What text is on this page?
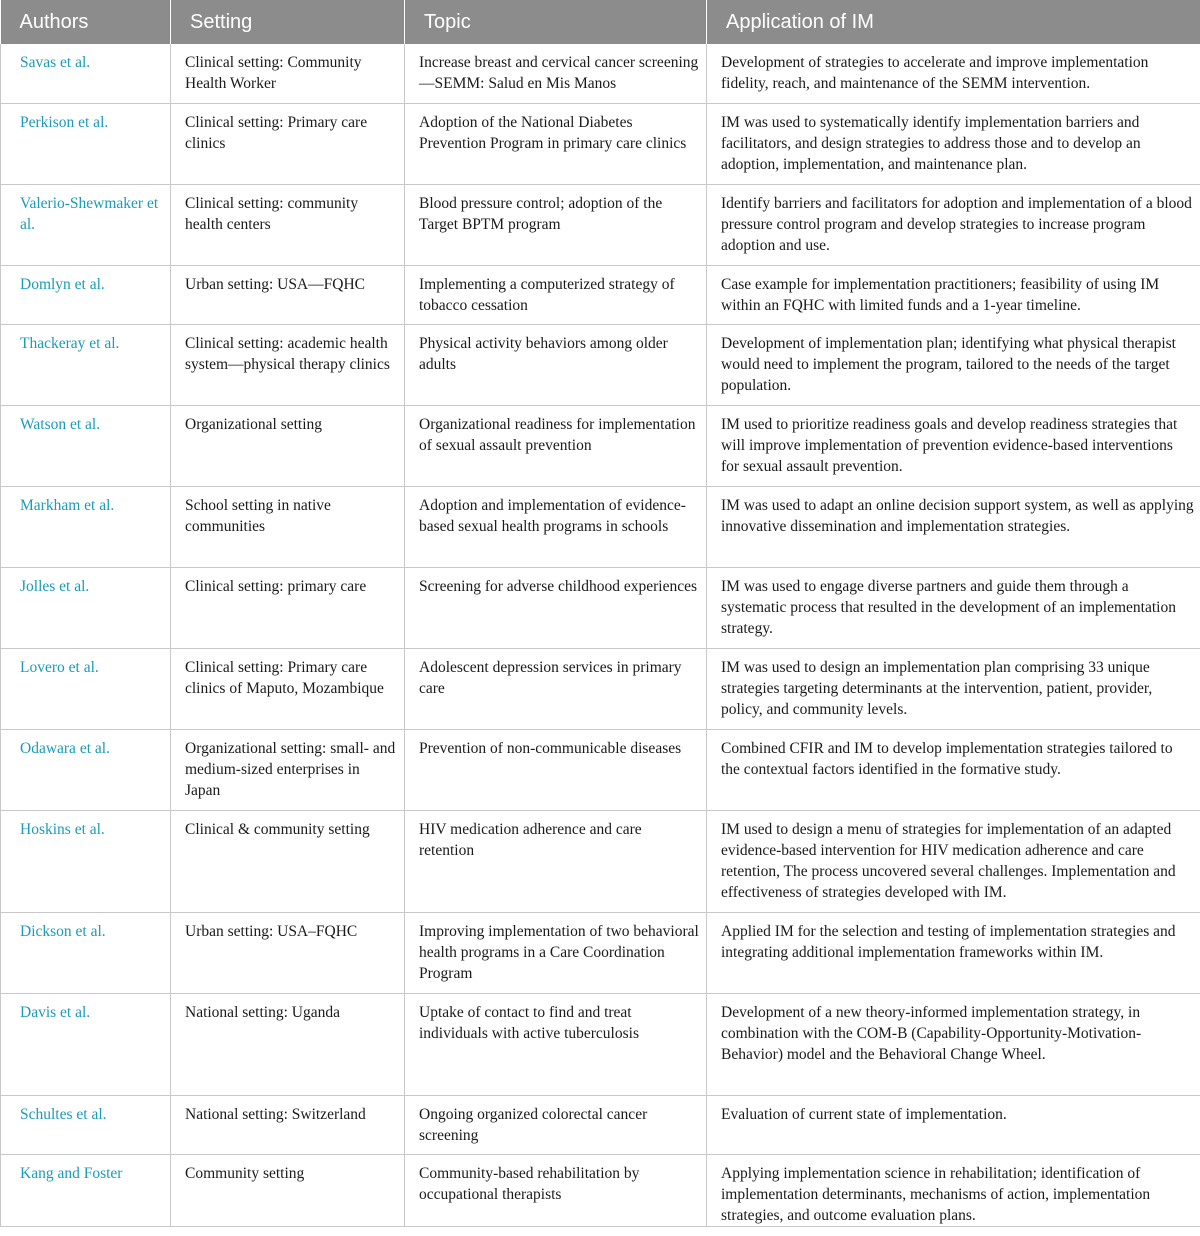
Authors	Setting	Topic	Application of IM
Savas et al.	Clinical setting: Community Health Worker	Increase breast and cervical cancer screening—SEMM: Salud en Mis Manos	Development of strategies to accelerate and improve implementation fidelity, reach, and maintenance of the SEMM intervention.
Perkison et al.	Clinical setting: Primary care clinics	Adoption of the National Diabetes Prevention Program in primary care clinics	IM was used to systematically identify implementation barriers and facilitators, and design strategies to address those and to develop an adoption, implementation, and maintenance plan.
Valerio-Shewmaker et al.	Clinical setting: community health centers	Blood pressure control; adoption of the Target BPTM program	Identify barriers and facilitators for adoption and implementation of a blood pressure control program and develop strategies to increase program adoption and use.
Domlyn et al.	Urban setting: USA—FQHC	Implementing a computerized strategy of tobacco cessation	Case example for implementation practitioners; feasibility of using IM within an FQHC with limited funds and a 1-year timeline.
Thackeray et al.	Clinical setting: academic health system—physical therapy clinics	Physical activity behaviors among older adults	Development of implementation plan; identifying what physical therapist would need to implement the program, tailored to the needs of the target population.
Watson et al.	Organizational setting	Organizational readiness for implementation of sexual assault prevention	IM used to prioritize readiness goals and develop readiness strategies that will improve implementation of prevention evidence-based interventions for sexual assault prevention.
Markham et al.	School setting in native communities	Adoption and implementation of evidence-based sexual health programs in schools	IM was used to adapt an online decision support system, as well as applying innovative dissemination and implementation strategies.
Jolles et al.	Clinical setting: primary care	Screening for adverse childhood experiences	IM was used to engage diverse partners and guide them through a systematic process that resulted in the development of an implementation strategy.
Lovero et al.	Clinical setting: Primary care clinics of Maputo, Mozambique	Adolescent depression services in primary care	IM was used to design an implementation plan comprising 33 unique strategies targeting determinants at the intervention, patient, provider, policy, and community levels.
Odawara et al.	Organizational setting: small- and medium-sized enterprises in Japan	Prevention of non-communicable diseases	Combined CFIR and IM to develop implementation strategies tailored to the contextual factors identified in the formative study.
Hoskins et al.	Clinical & community setting	HIV medication adherence and care retention	IM used to design a menu of strategies for implementation of an adapted evidence-based intervention for HIV medication adherence and care retention, The process uncovered several challenges. Implementation and effectiveness of strategies developed with IM.
Dickson et al.	Urban setting: USA–FQHC	Improving implementation of two behavioral health programs in a Care Coordination Program	Applied IM for the selection and testing of implementation strategies and integrating additional implementation frameworks within IM.
Davis et al.	National setting: Uganda	Uptake of contact to find and treat individuals with active tuberculosis	Development of a new theory-informed implementation strategy, in combination with the COM-B (Capability-Opportunity-Motivation-Behavior) model and the Behavioral Change Wheel.
Schultes et al.	National setting: Switzerland	Ongoing organized colorectal cancer screening	Evaluation of current state of implementation.
Kang and Foster	Community setting	Community-based rehabilitation by occupational therapists	Applying implementation science in rehabilitation; identification of implementation determinants, mechanisms of action, implementation strategies, and outcome evaluation plans.
